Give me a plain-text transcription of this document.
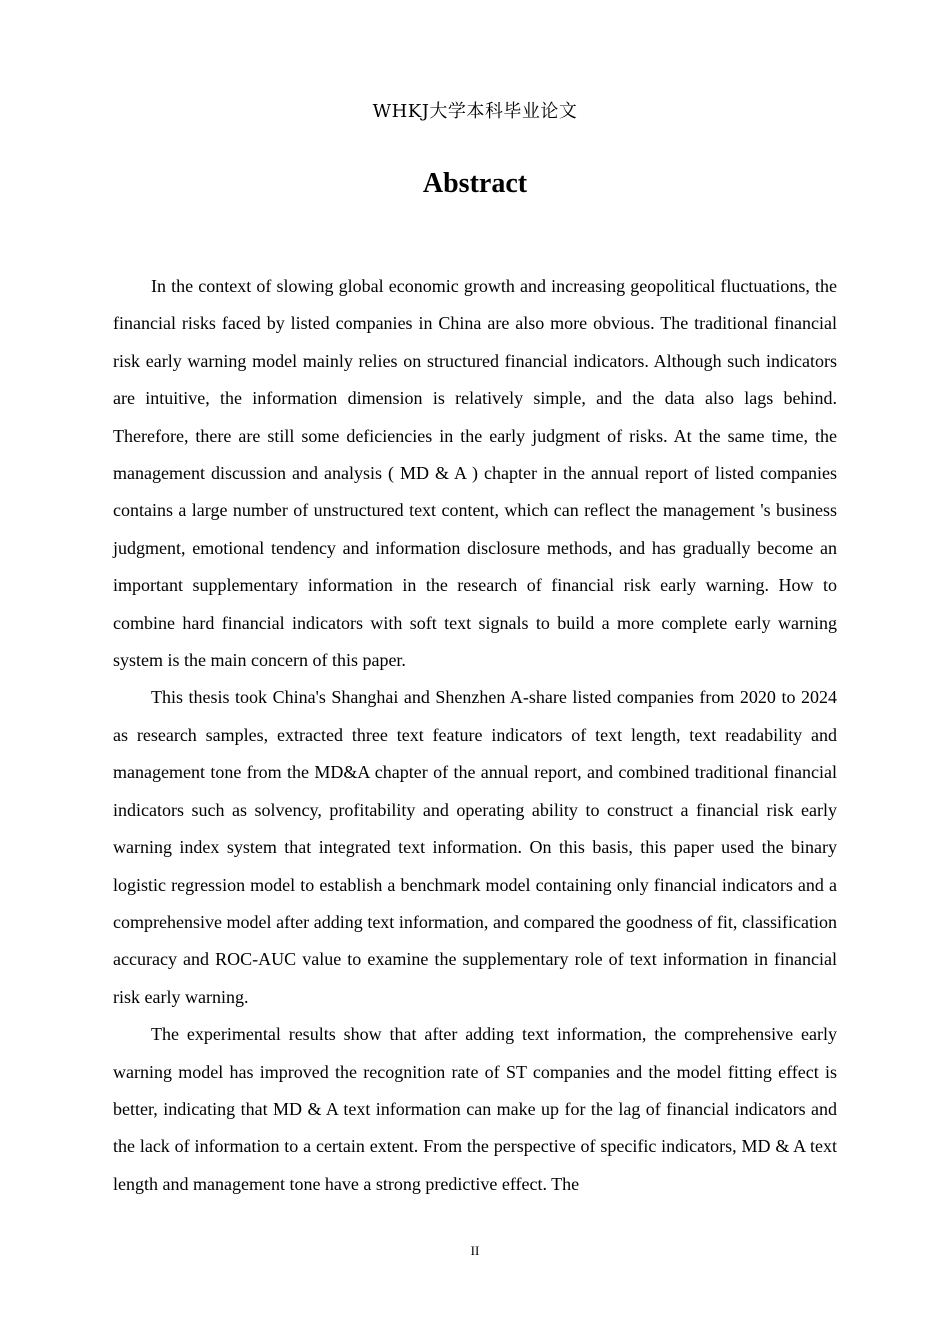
WHKJ大学本科毕业论文
Abstract

In the context of slowing global economic growth and increasing geopolitical fluctuations, the financial risks faced by listed companies in China are also more obvious. The traditional financial risk early warning model mainly relies on structured financial indicators. Although such indicators are intuitive, the information dimension is relatively simple, and the data also lags behind. Therefore, there are still some deficiencies in the early judgment of risks. At the same time, the management discussion and analysis ( MD & A ) chapter in the annual report of listed companies contains a large number of unstructured text content, which can reflect the management 's business judgment, emotional tendency and information disclosure methods, and has gradually become an important supplementary information in the research of financial risk early warning. How to combine hard financial indicators with soft text signals to build a more complete early warning system is the main concern of this paper.

This thesis took China's Shanghai and Shenzhen A-share listed companies from 2020 to 2024 as research samples, extracted three text feature indicators of text length, text readability and management tone from the MD&A chapter of the annual report, and combined traditional financial indicators such as solvency, profitability and operating ability to construct a financial risk early warning index system that integrated text information. On this basis, this paper used the binary logistic regression model to establish a benchmark model containing only financial indicators and a comprehensive model after adding text information, and compared the goodness of fit, classification accuracy and ROC-AUC value to examine the supplementary role of text information in financial risk early warning.

The experimental results show that after adding text information, the comprehensive early warning model has improved the recognition rate of ST companies and the model fitting effect is better, indicating that MD & A text information can make up for the lag of financial indicators and the lack of information to a certain extent. From the perspective of specific indicators, MD & A text length and management tone have a strong predictive effect. The

II
